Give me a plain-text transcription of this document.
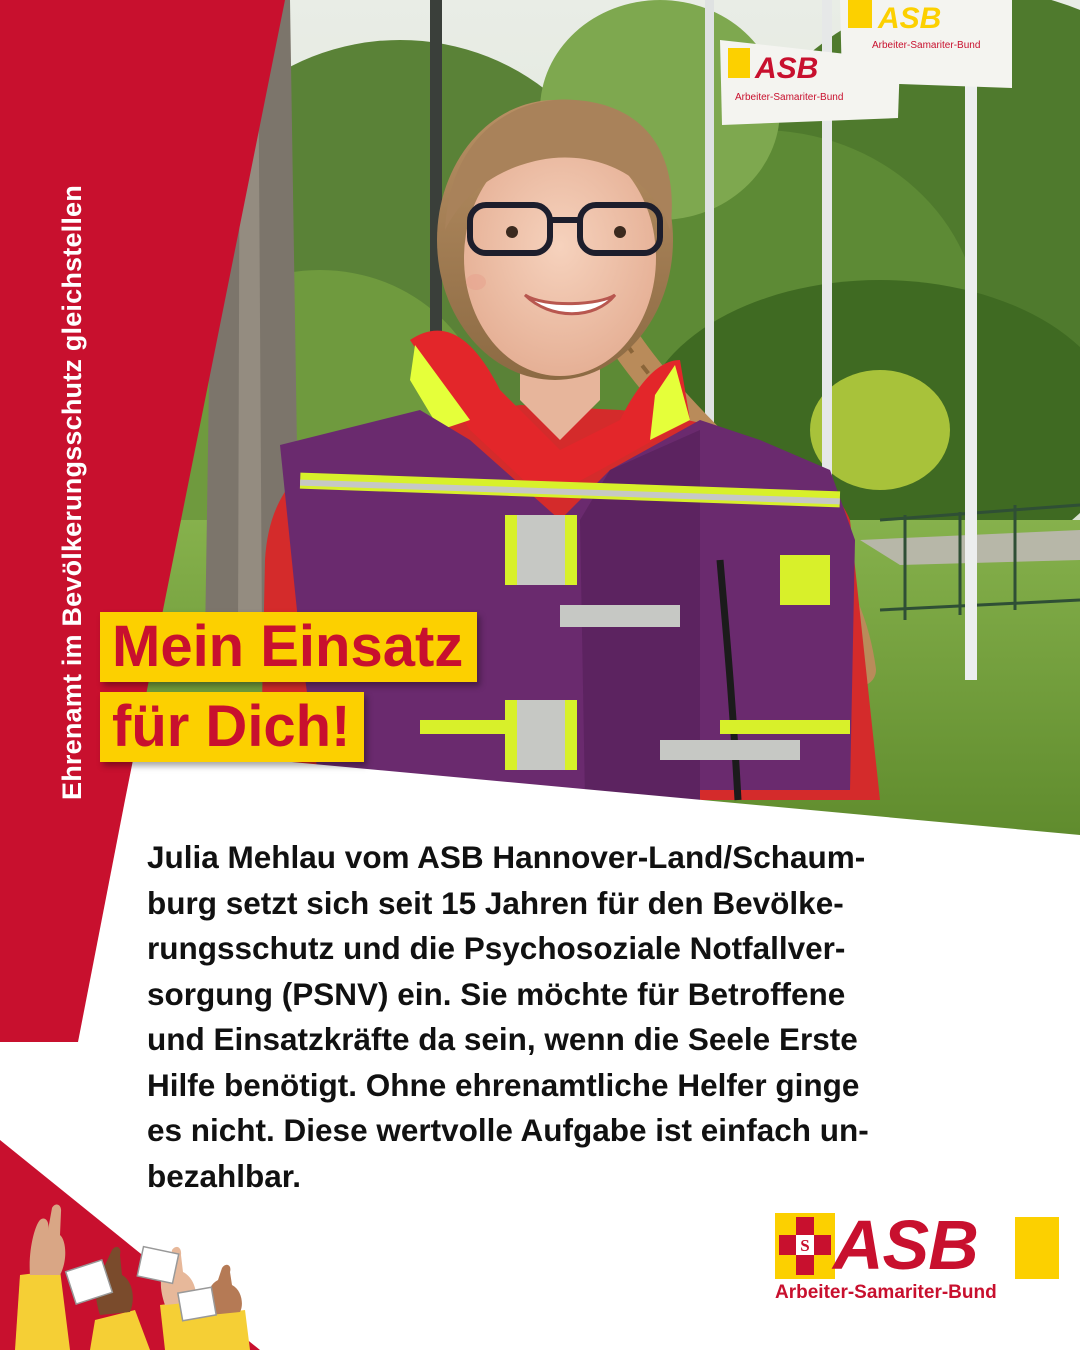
ASB
Arbeiter-Samariter-Bund
ASB
Arbeiter-Samariter-Bund
Ehrenamt im Bevölkerungsschutz gleichstellen Mein Einsatz
für Dich!
Julia Mehlau vom ASB Hannover-Land/Schaum-
burg setzt sich seit 15 Jahren für den Bevölke-
rungsschutz und die Psychosoziale Notfallver-
sorgung (PSNV) ein. Sie möchte für Betroffene
und Einsatzkräfte da sein, wenn die Seele Erste
Hilfe benötigt. Ohne ehrenamtliche Helfer ginge
es nicht. Diese wertvolle Aufgabe ist einfach un-
bezahlbar.
S ASB
Arbeiter-Samariter-Bund
